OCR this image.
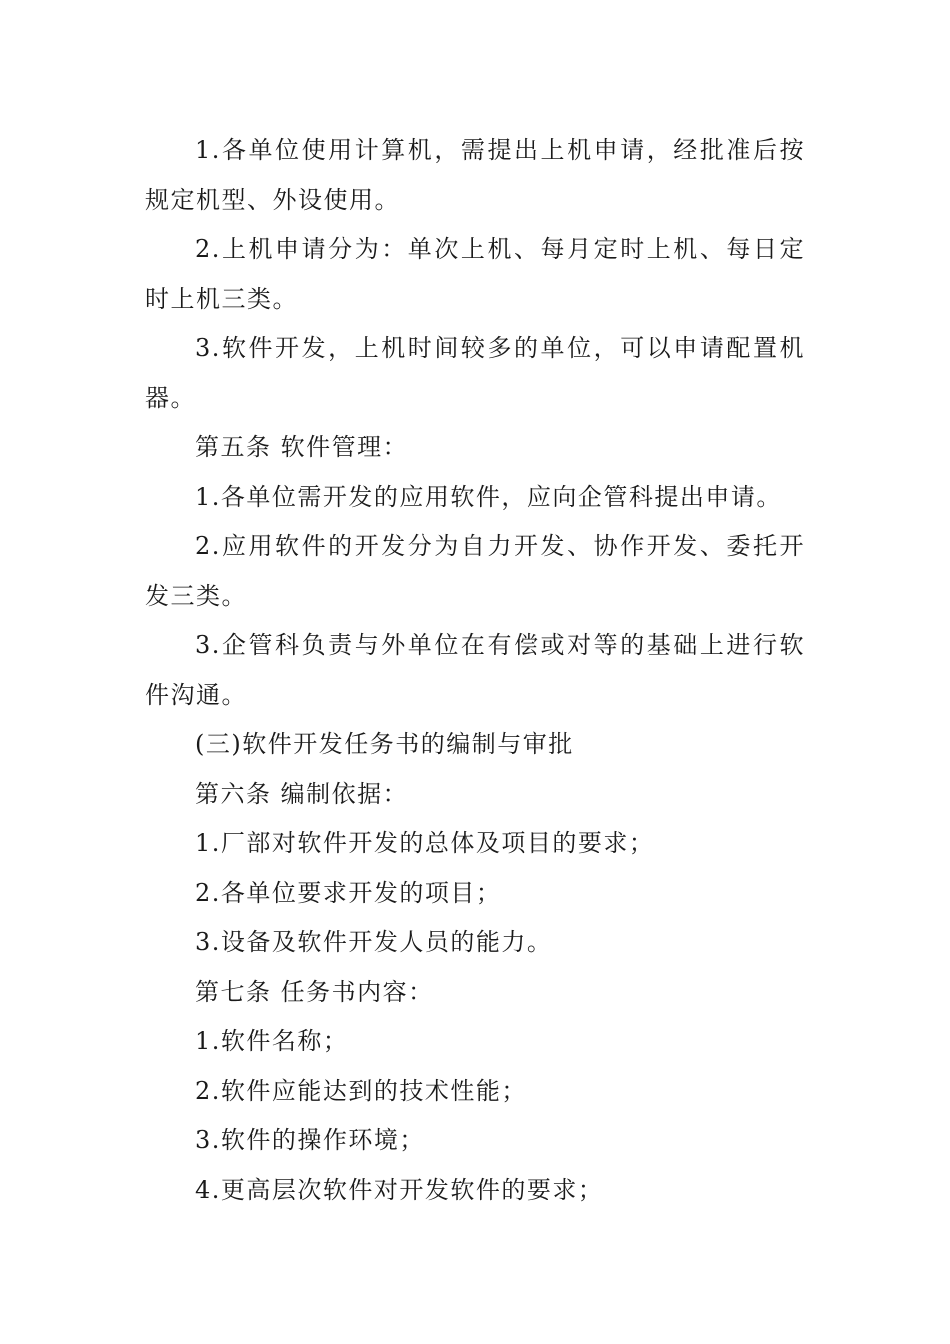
1.各单位使用计算机，需提出上机申请，经批准后按规定机型、外设使用。

2.上机申请分为：单次上机、每月定时上机、每日定时上机三类。

3.软件开发，上机时间较多的单位，可以申请配置机器。

第五条 软件管理：

1.各单位需开发的应用软件，应向企管科提出申请。

2.应用软件的开发分为自力开发、协作开发、委托开发三类。

3.企管科负责与外单位在有偿或对等的基础上进行软件沟通。

(三)软件开发任务书的编制与审批

第六条 编制依据：

1.厂部对软件开发的总体及项目的要求；

2.各单位要求开发的项目；

3.设备及软件开发人员的能力。

第七条 任务书内容：

1.软件名称；

2.软件应能达到的技术性能；

3.软件的操作环境；

4.更高层次软件对开发软件的要求；
